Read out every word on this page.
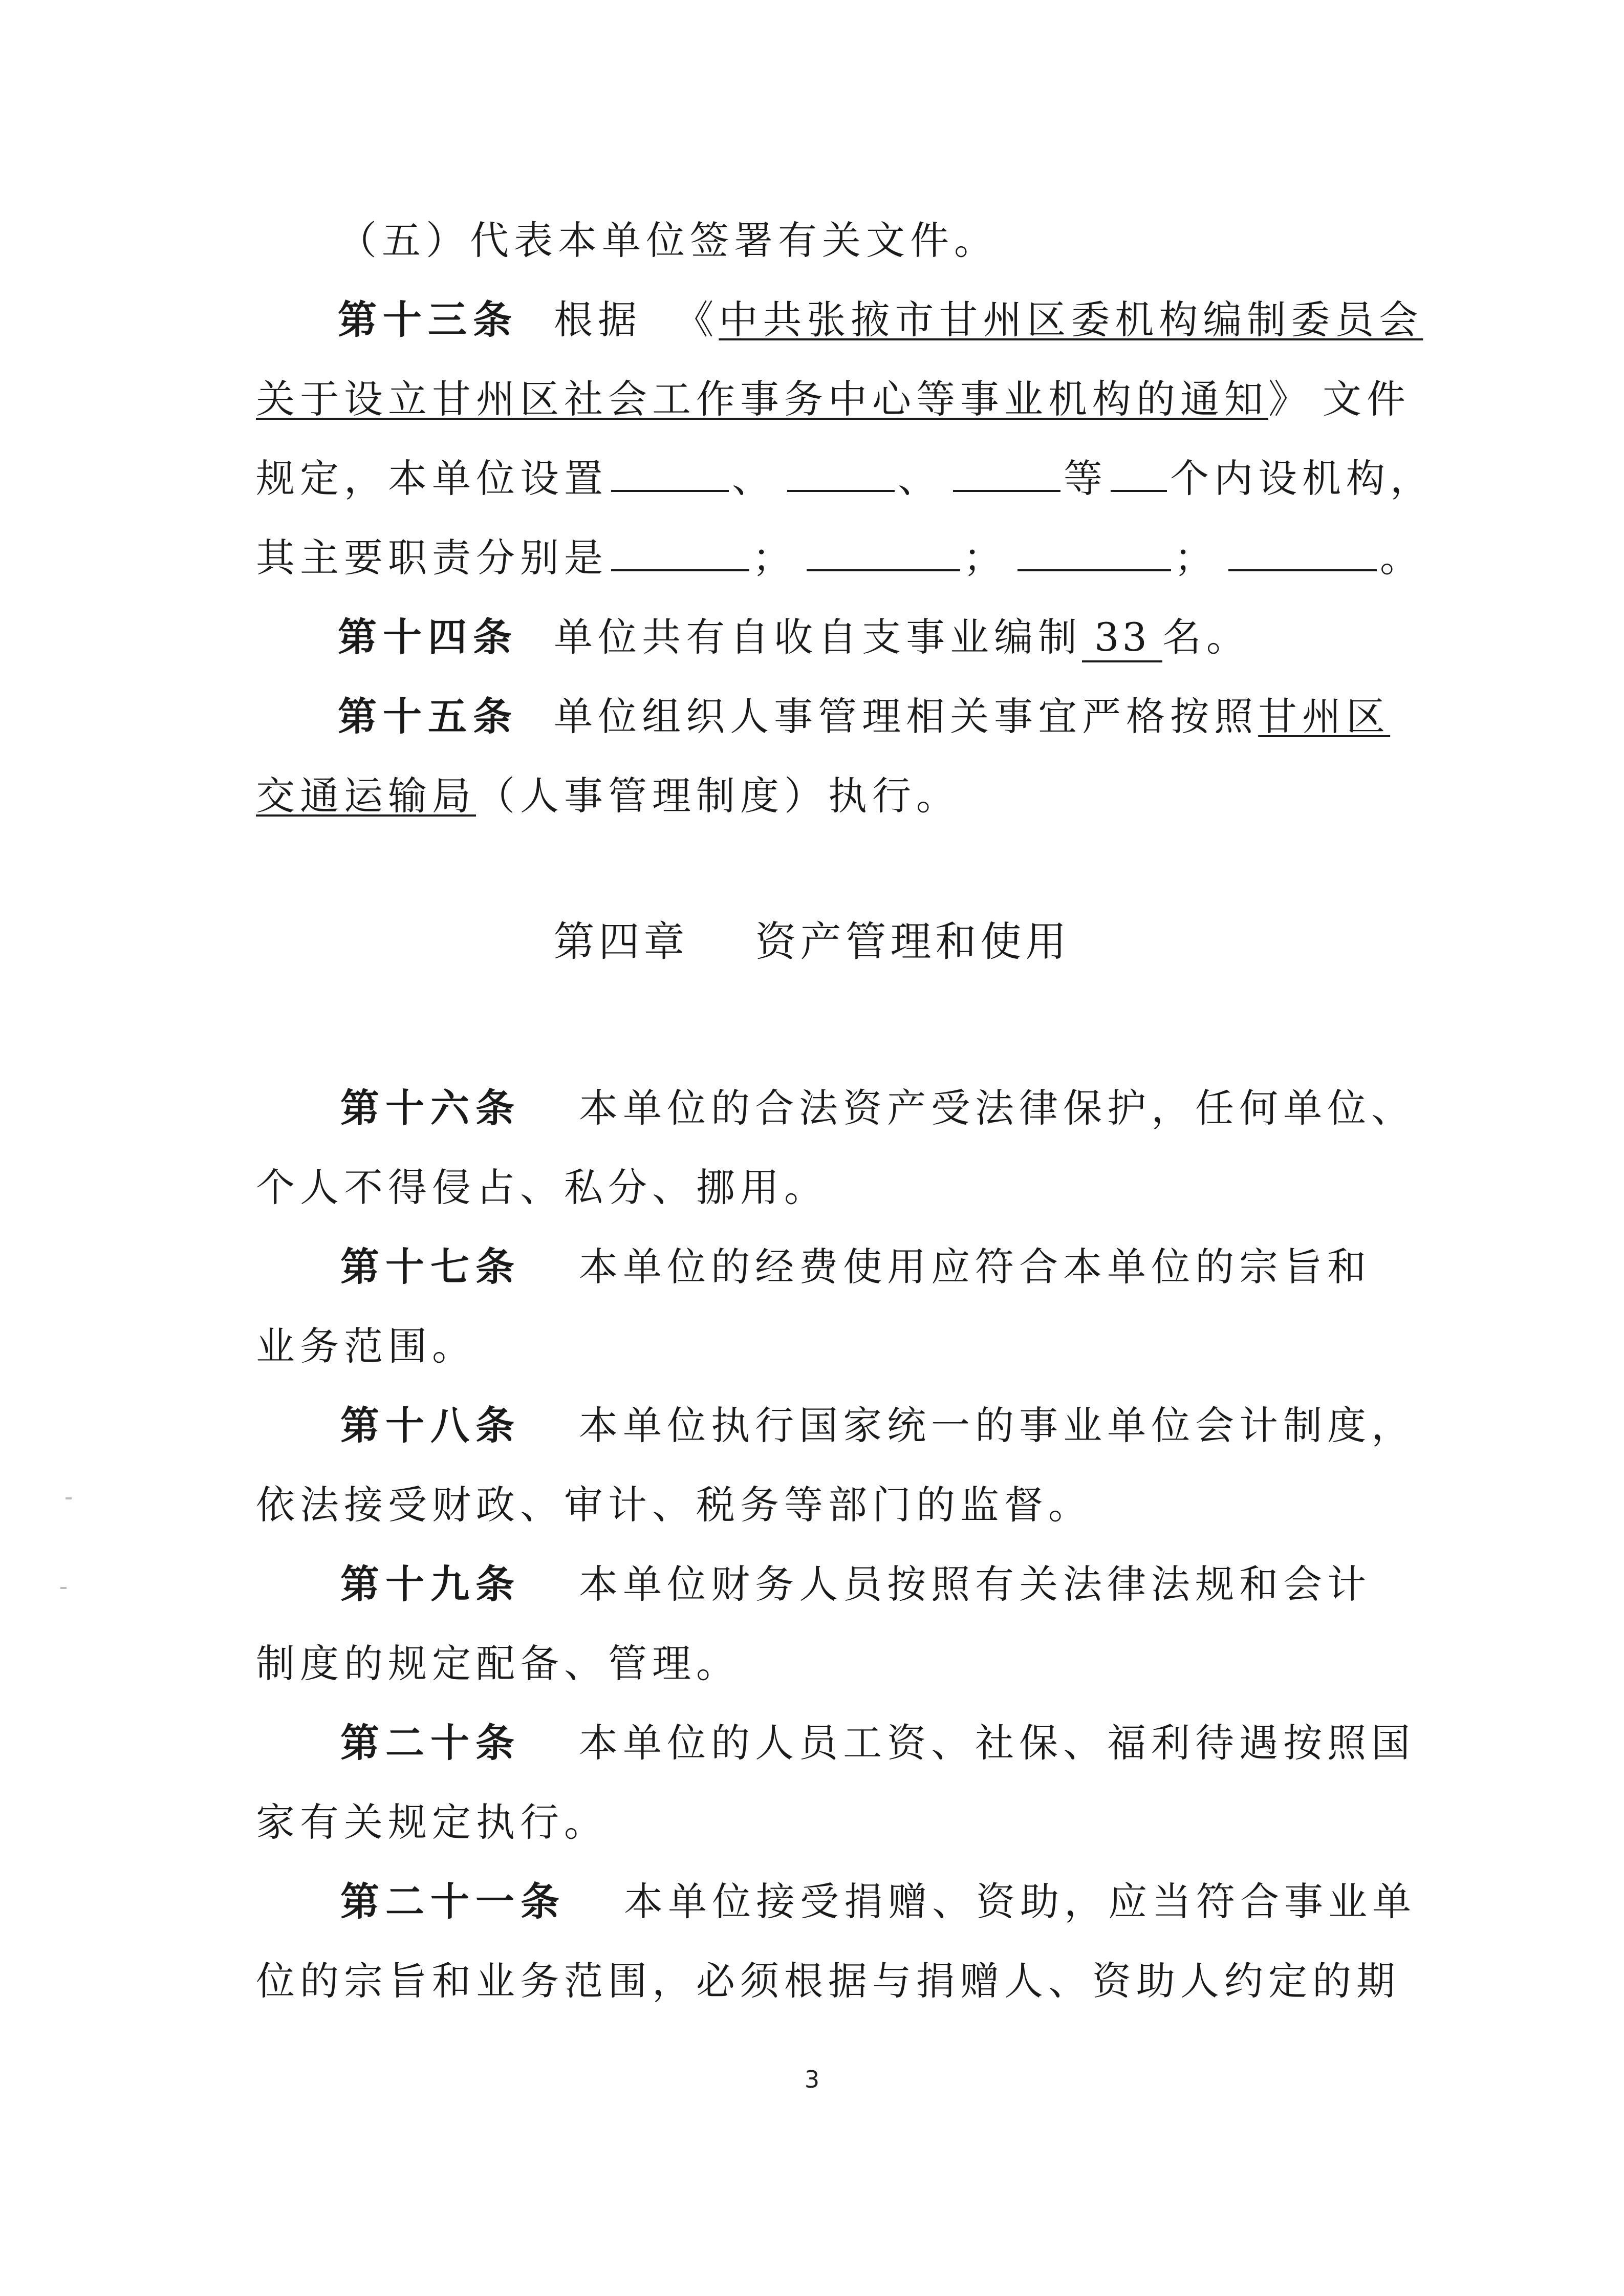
（五）代表本单位签署有关文件。
第十三条 根据 《中共张掖市甘州区委机构编制委员会
关于设立甘州区社会工作事务中心等事业机构的通知》 文件
规定，本单位设置	、	、	等 个内设机构，
其主要职责分别是	；	；	；	。
第十四条 单位共有自收自支事业编制 33 名。
第十五条 单位组织人事管理相关事宜严格按照甘州区
交通运输局（人事管理制度）执行。
第四章 资产管理和使用
第十六条 本单位的合法资产受法律保护，任何单位、
个人不得侵占、私分、挪用。
第十七条 本单位的经费使用应符合本单位的宗旨和
业务范围。
第十八条 本单位执行国家统一的事业单位会计制度，
依法接受财政、审计、税务等部门的监督。
第十九条 本单位财务人员按照有关法律法规和会计
制度的规定配备、管理。
第二十条 本单位的人员工资、社保、福利待遇按照国
家有关规定执行。
第二十一条 本单位接受捐赠、资助，应当符合事业单
位的宗旨和业务范围，必须根据与捐赠人、资助人约定的期
3
